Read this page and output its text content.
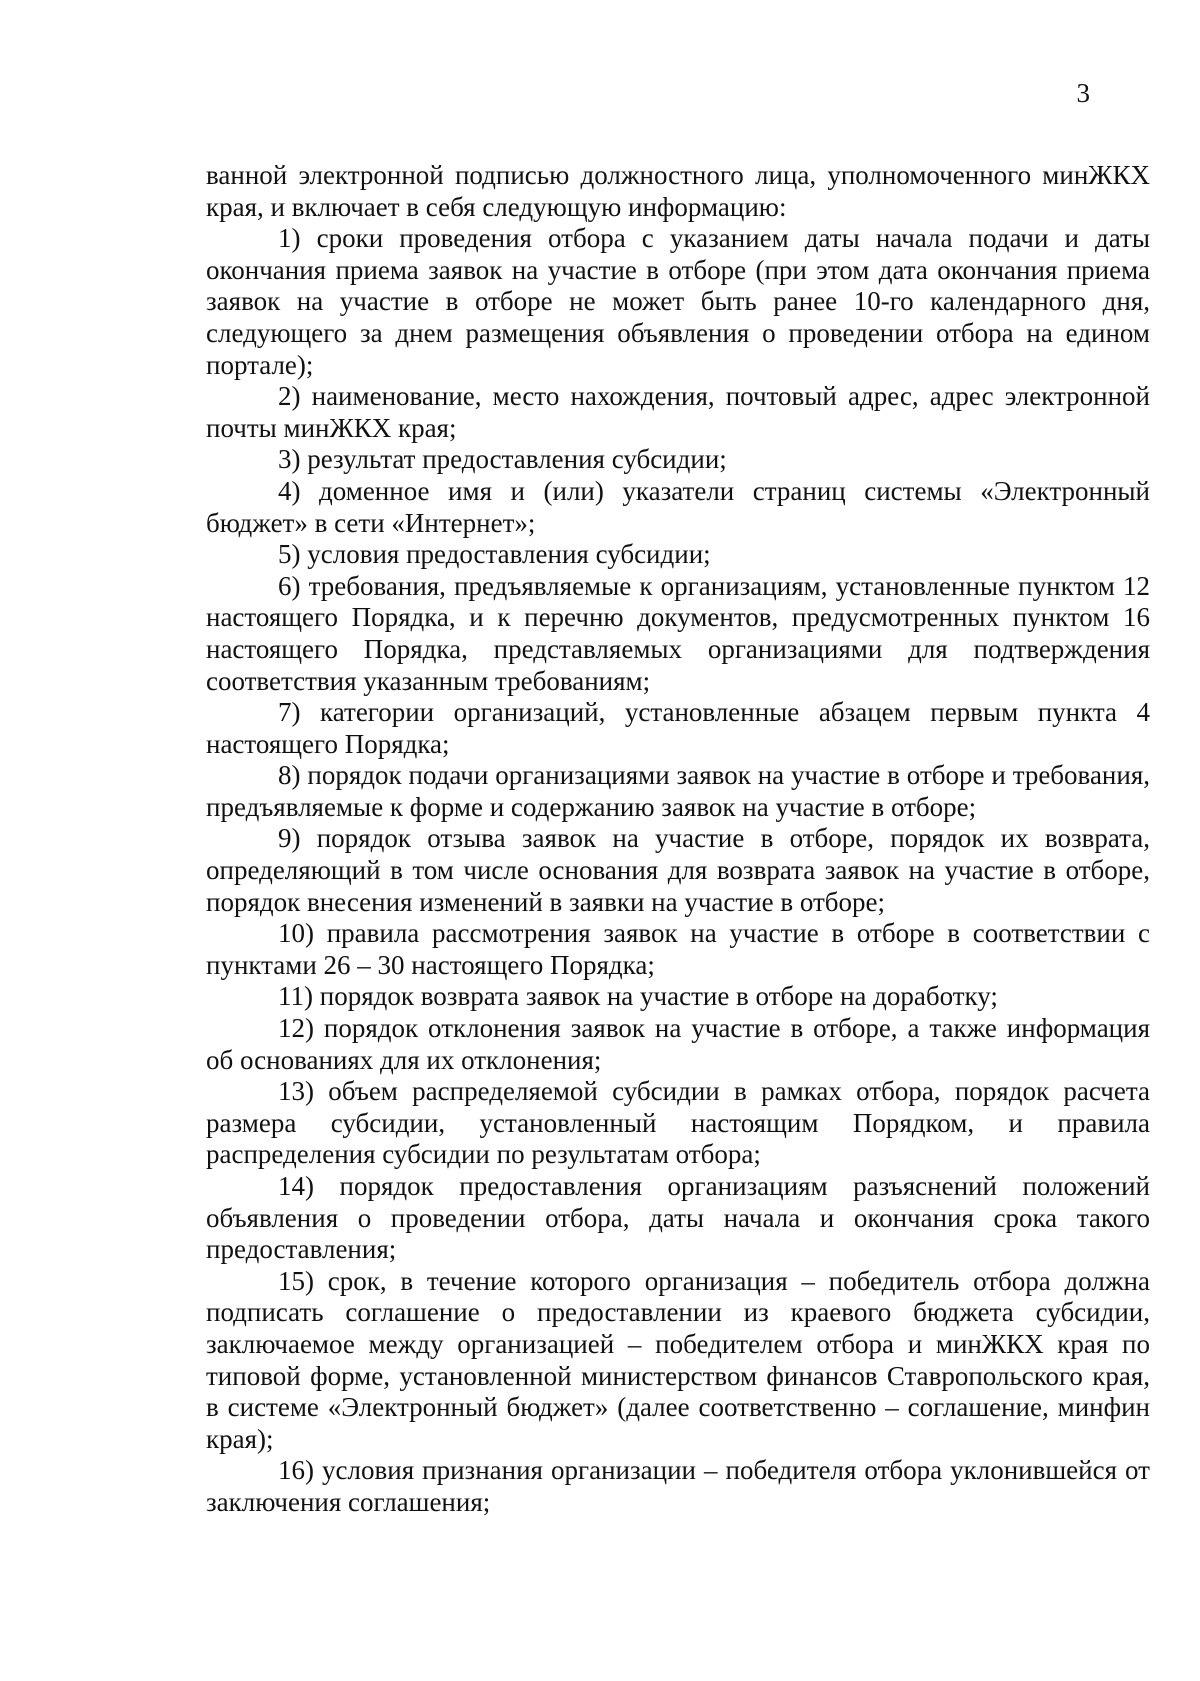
3

ванной электронной подписью должностного лица, уполномоченного минЖКХ края, и включает в себя следующую информацию:

1) сроки проведения отбора с указанием даты начала подачи и даты окончания приема заявок на участие в отборе (при этом дата окончания приема заявок на участие в отборе не может быть ранее 10-го календарного дня, следующего за днем размещения объявления о проведении отбора на едином портале);

2) наименование, место нахождения, почтовый адрес, адрес электронной почты минЖКХ края;

3) результат предоставления субсидии;

4) доменное имя и (или) указатели страниц системы «Электронный бюджет» в сети «Интернет»;

5) условия предоставления субсидии;

6) требования, предъявляемые к организациям, установленные пунктом 12 настоящего Порядка, и к перечню документов, предусмотренных пунктом 16 настоящего Порядка, представляемых организациями для подтверждения соответствия указанным требованиям;

7) категории организаций, установленные абзацем первым пункта 4 настоящего Порядка;

8) порядок подачи организациями заявок на участие в отборе и требования, предъявляемые к форме и содержанию заявок на участие в отборе;

9) порядок отзыва заявок на участие в отборе, порядок их возврата, определяющий в том числе основания для возврата заявок на участие в отборе, порядок внесения изменений в заявки на участие в отборе;

10) правила рассмотрения заявок на участие в отборе в соответствии с пунктами 26 – 30 настоящего Порядка;

11) порядок возврата заявок на участие в отборе на доработку;

12) порядок отклонения заявок на участие в отборе, а также информация об основаниях для их отклонения;

13) объем распределяемой субсидии в рамках отбора, порядок расчета размера субсидии, установленный настоящим Порядком, и правила распределения субсидии по результатам отбора;

14) порядок предоставления организациям разъяснений положений объявления о проведении отбора, даты начала и окончания срока такого предоставления;

15) срок, в течение которого организация – победитель отбора должна подписать соглашение о предоставлении из краевого бюджета субсидии, заключаемое между организацией – победителем отбора и минЖКХ края по типовой форме, установленной министерством финансов Ставропольского края, в системе «Электронный бюджет» (далее соответственно – соглашение, минфин края);

16) условия признания организации – победителя отбора уклонившейся от заключения соглашения;
